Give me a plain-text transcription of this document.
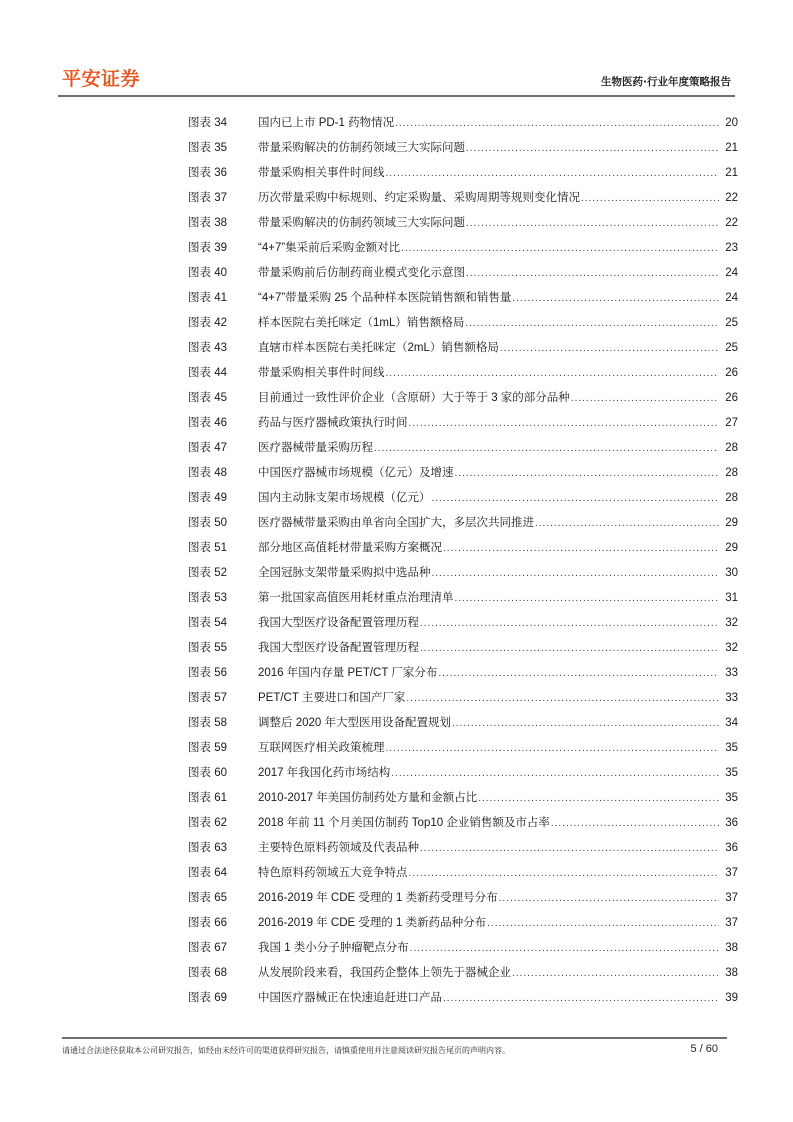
平安证券	生物医药·行业年度策略报告
图表 34	国内已上市 PD-1 药物情况 .....	20
图表 35	带量采购解决的仿制药领域三大实际问题 .....	21
图表 36	带量采购相关事件时间线 .....	21
图表 37	历次带量采购中标规则、约定采购量、采购周期等规则变化情况 .....	22
图表 38	带量采购解决的仿制药领域三大实际问题 .....	22
图表 39	“4+7”集采前后采购金额对比 .....	23
图表 40	带量采购前后仿制药商业模式变化示意图 .....	24
图表 41	“4+7”带量采购 25 个品种样本医院销售额和销售量 .....	24
图表 42	样本医院右美托咪定（1mL）销售额格局 .....	25
图表 43	直辖市样本医院右美托咪定（2mL）销售额格局 .....	25
图表 44	带量采购相关事件时间线 .....	26
图表 45	目前通过一致性评价企业（含原研）大于等于 3 家的部分品种 .....	26
图表 46	药品与医疗器械政策执行时间 .....	27
图表 47	医疗器械带量采购历程 .....	28
图表 48	中国医疗器械市场规模（亿元）及增速 .....	28
图表 49	国内主动脉支架市场规模（亿元） .....	28
图表 50	医疗器械带量采购由单省向全国扩大，多层次共同推进 .....	29
图表 51	部分地区高值耗材带量采购方案概况 .....	29
图表 52	全国冠脉支架带量采购拟中选品种 .....	30
图表 53	第一批国家高值医用耗材重点治理清单 .....	31
图表 54	我国大型医疗设备配置管理历程 .....	32
图表 55	我国大型医疗设备配置管理历程 .....	32
图表 56	2016 年国内存量 PET/CT 厂家分布 .....	33
图表 57	PET/CT 主要进口和国产厂家 .....	33
图表 58	调整后 2020 年大型医用设备配置规划 .....	34
图表 59	互联网医疗相关政策梳理 .....	35
图表 60	2017 年我国化药市场结构 .....	35
图表 61	2010-2017 年美国仿制药处方量和金额占比 .....	35
图表 62	2018 年前 11 个月美国仿制药 Top10 企业销售额及市占率 .....	36
图表 63	主要特色原料药领域及代表品种 .....	36
图表 64	特色原料药领域五大竞争特点 .....	37
图表 65	2016-2019 年 CDE 受理的 1 类新药受理号分布 .....	37
图表 66	2016-2019 年 CDE 受理的 1 类新药品种分布 .....	37
图表 67	我国 1 类小分子肿瘤靶点分布 .....	38
图表 68	从发展阶段来看，我国药企整体上领先于器械企业 .....	38
图表 69	中国医疗器械正在快速追赶进口产品 .....	39
请通过合法途径获取本公司研究报告，如经由未经许可的渠道获得研究报告，请慎重使用并注意阅读研究报告尾页的声明内容。	5 / 60
